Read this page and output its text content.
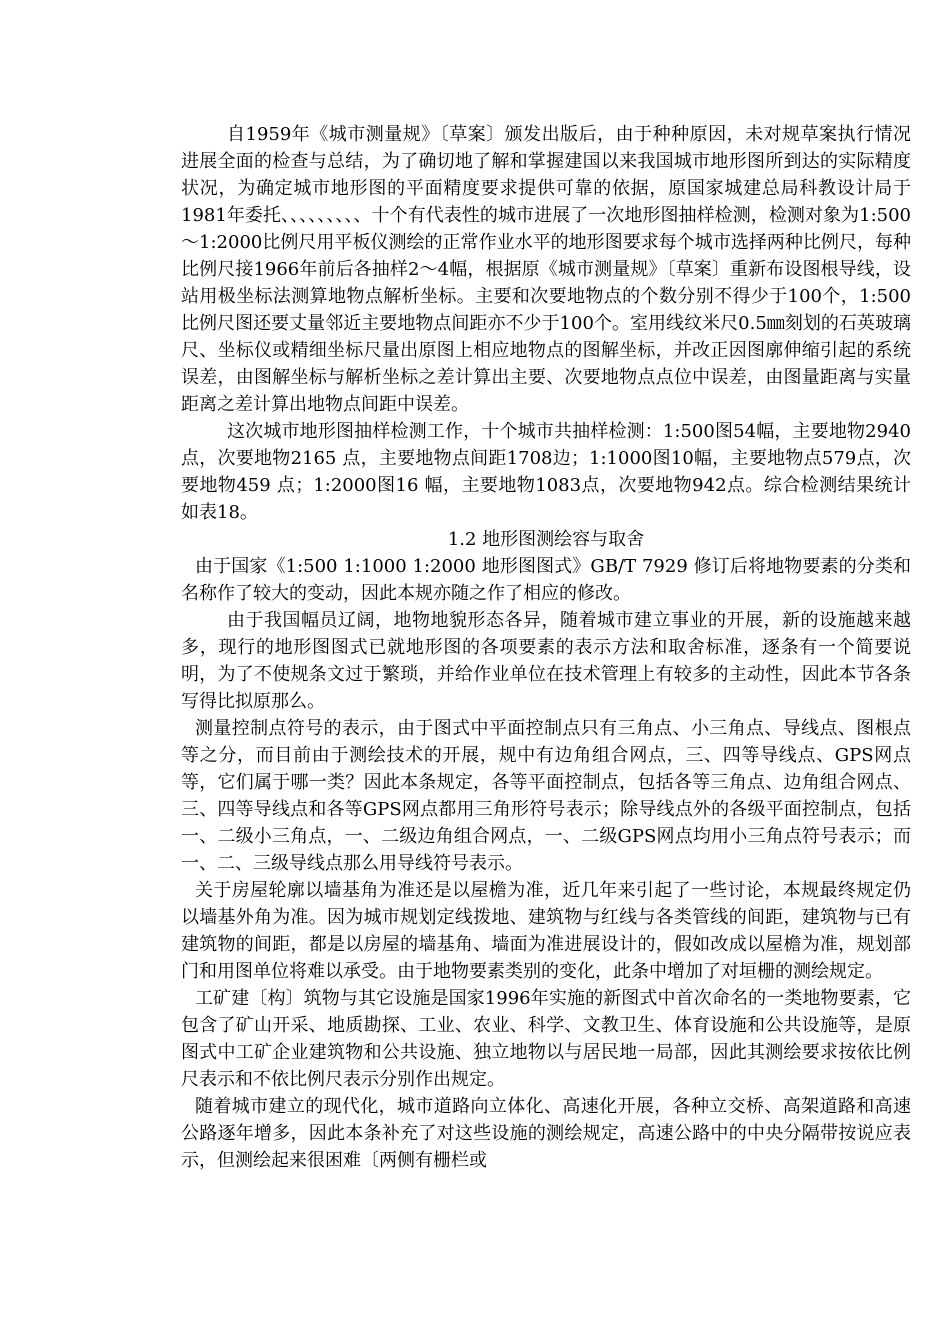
自1959年《城市测量规》〔草案〕颁发出版后，由于种种原因，未对规草案执行情况进展全面的检查与总结，为了确切地了解和掌握建国以来我国城市地形图所到达的实际精度状况，为确定城市地形图的平面精度要求提供可靠的依据，原国家城建总局科教设计局于1981年委托、、、、、、、、、十个有代表性的城市进展了一次地形图抽样检测，检测对象为1:500～1:2000比例尺用平板仪测绘的正常作业水平的地形图要求每个城市选择两种比例尺，每种比例尺接1966年前后各抽样2～4幅，根据原《城市测量规》〔草案〕重新布设图根导线，设站用极坐标法测算地物点解析坐标。主要和次要地物点的个数分别不得少于100个，1:500比例尺图还要丈量邻近主要地物点间距亦不少于100个。室用线纹米尺0.5㎜刻划的石英玻璃尺、坐标仪或精细坐标尺量出原图上相应地物点的图解坐标，并改正因图廓伸缩引起的系统误差，由图解坐标与解析坐标之差计算出主要、次要地物点点位中误差，由图量距离与实量距离之差计算出地物点间距中误差。

这次城市地形图抽样检测工作，十个城市共抽样检测：1:500图54幅，主要地物2940点，次要地物2165 点，主要地物点间距1708边；1:1000图10幅，主要地物点579点，次要地物459 点；1:2000图16 幅，主要地物1083点，次要地物942点。综合检测结果统计如表18。

1.2 地形图测绘容与取舍

由于国家《1:500 1:1000 1:2000 地形图图式》GB/T 7929 修订后将地物要素的分类和名称作了较大的变动，因此本规亦随之作了相应的修改。

由于我国幅员辽阔，地物地貌形态各异，随着城市建立事业的开展，新的设施越来越多，现行的地形图图式已就地形图的各项要素的表示方法和取舍标准，逐条有一个简要说明，为了不使规条文过于繁琐，并给作业单位在技术管理上有较多的主动性，因此本节各条写得比拟原那么。

测量控制点符号的表示，由于图式中平面控制点只有三角点、小三角点、导线点、图根点等之分，而目前由于测绘技术的开展，规中有边角组合网点，三、四等导线点、GPS网点等，它们属于哪一类？因此本条规定，各等平面控制点，包括各等三角点、边角组合网点、三、四等导线点和各等GPS网点都用三角形符号表示；除导线点外的各级平面控制点，包括一、二级小三角点，一、二级边角组合网点，一、二级GPS网点均用小三角点符号表示；而一、二、三级导线点那么用导线符号表示。

关于房屋轮廓以墙基角为准还是以屋檐为准，近几年来引起了一些讨论，本规最终规定仍以墙基外角为准。因为城市规划定线拨地、建筑物与红线与各类管线的间距，建筑物与已有建筑物的间距，都是以房屋的墙基角、墙面为准进展设计的，假如改成以屋檐为准，规划部门和用图单位将难以承受。由于地物要素类别的变化，此条中增加了对垣栅的测绘规定。

工矿建〔构〕筑物与其它设施是国家1996年实施的新图式中首次命名的一类地物要素，它包含了矿山开采、地质勘探、工业、农业、科学、文教卫生、体育设施和公共设施等，是原图式中工矿企业建筑物和公共设施、独立地物以与居民地一局部，因此其测绘要求按依比例尺表示和不依比例尺表示分别作出规定。

随着城市建立的现代化，城市道路向立体化、高速化开展，各种立交桥、高架道路和高速公路逐年增多，因此本条补充了对这些设施的测绘规定，高速公路中的中央分隔带按说应表示，但测绘起来很困难〔两侧有栅栏或
